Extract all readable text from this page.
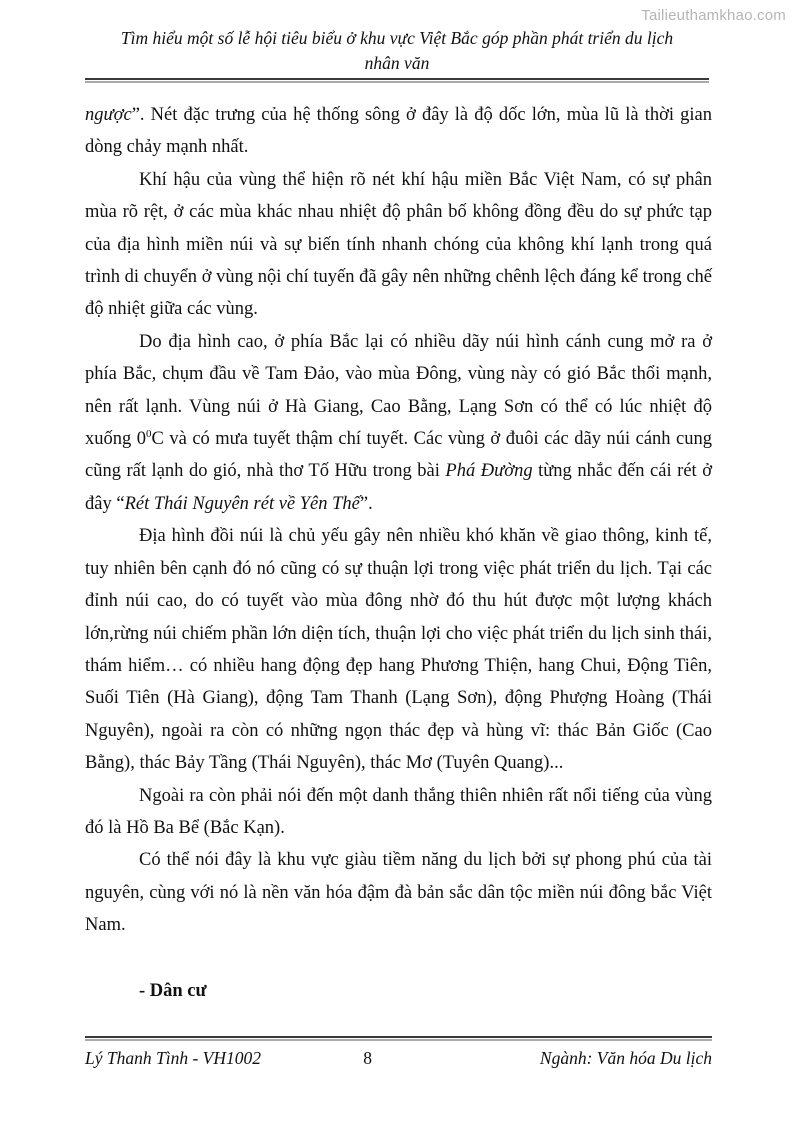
Tailieuthamkhao.com
Tìm hiểu một số lễ hội tiêu biểu ở khu vực Việt Bắc góp phần phát triển du lịch nhân văn

ngược”. Nét đặc trưng của hệ thống sông ở đây là độ dốc lớn, mùa lũ là thời gian dòng chảy mạnh nhất.

Khí hậu của vùng thể hiện rõ nét khí hậu miền Bắc Việt Nam, có sự phân mùa rõ rệt, ở các mùa khác nhau nhiệt độ phân bố không đồng đều do sự phức tạp của địa hình miền núi và sự biến tính nhanh chóng của không khí lạnh trong quá trình di chuyển ở vùng nội chí tuyến đã gây nên những chênh lệch đáng kể trong chế độ nhiệt giữa các vùng.

Do địa hình cao, ở phía Bắc lại có nhiều dãy núi hình cánh cung mở ra ở phía Bắc, chụm đầu về Tam Đảo, vào mùa Đông, vùng này có gió Bắc thổi mạnh, nên rất lạnh. Vùng núi ở Hà Giang, Cao Bằng, Lạng Sơn có thể có lúc nhiệt độ xuống $0^0C$ và có mưa tuyết thậm chí tuyết. Các vùng ở đuôi các dãy núi cánh cung cũng rất lạnh do gió, nhà thơ Tố Hữu trong bài Phá Đường từng nhắc đến cái rét ở đây “Rét Thái Nguyên rét về Yên Thế”.

Địa hình đồi núi là chủ yếu gây nên nhiều khó khăn về giao thông, kinh tế, tuy nhiên bên cạnh đó nó cũng có sự thuận lợi trong việc phát triển du lịch. Tại các đỉnh núi cao, do có tuyết vào mùa đông nhờ đó thu hút được một lượng khách lớn,rừng núi chiếm phần lớn diện tích, thuận lợi cho việc phát triển du lịch sinh thái, thám hiểm… có nhiều hang động đẹp hang Phương Thiện, hang Chui, Động Tiên, Suối Tiên (Hà Giang), động Tam Thanh (Lạng Sơn), động Phượng Hoàng (Thái Nguyên), ngoài ra còn có những ngọn thác đẹp và hùng vĩ: thác Bản Giốc (Cao Bằng), thác Bảy Tầng (Thái Nguyên), thác Mơ (Tuyên Quang)...

Ngoài ra còn phải nói đến một danh thắng thiên nhiên rất nổi tiếng của vùng đó là Hồ Ba Bể (Bắc Kạn).

Có thể nói đây là khu vực giàu tiềm năng du lịch bởi sự phong phú của tài nguyên, cùng với nó là nền văn hóa đậm đà bản sắc dân tộc miền núi đông bắc Việt Nam.

- Dân cư

Lý Thanh Tình - VH1002	8	Ngành: Văn hóa Du lịch
